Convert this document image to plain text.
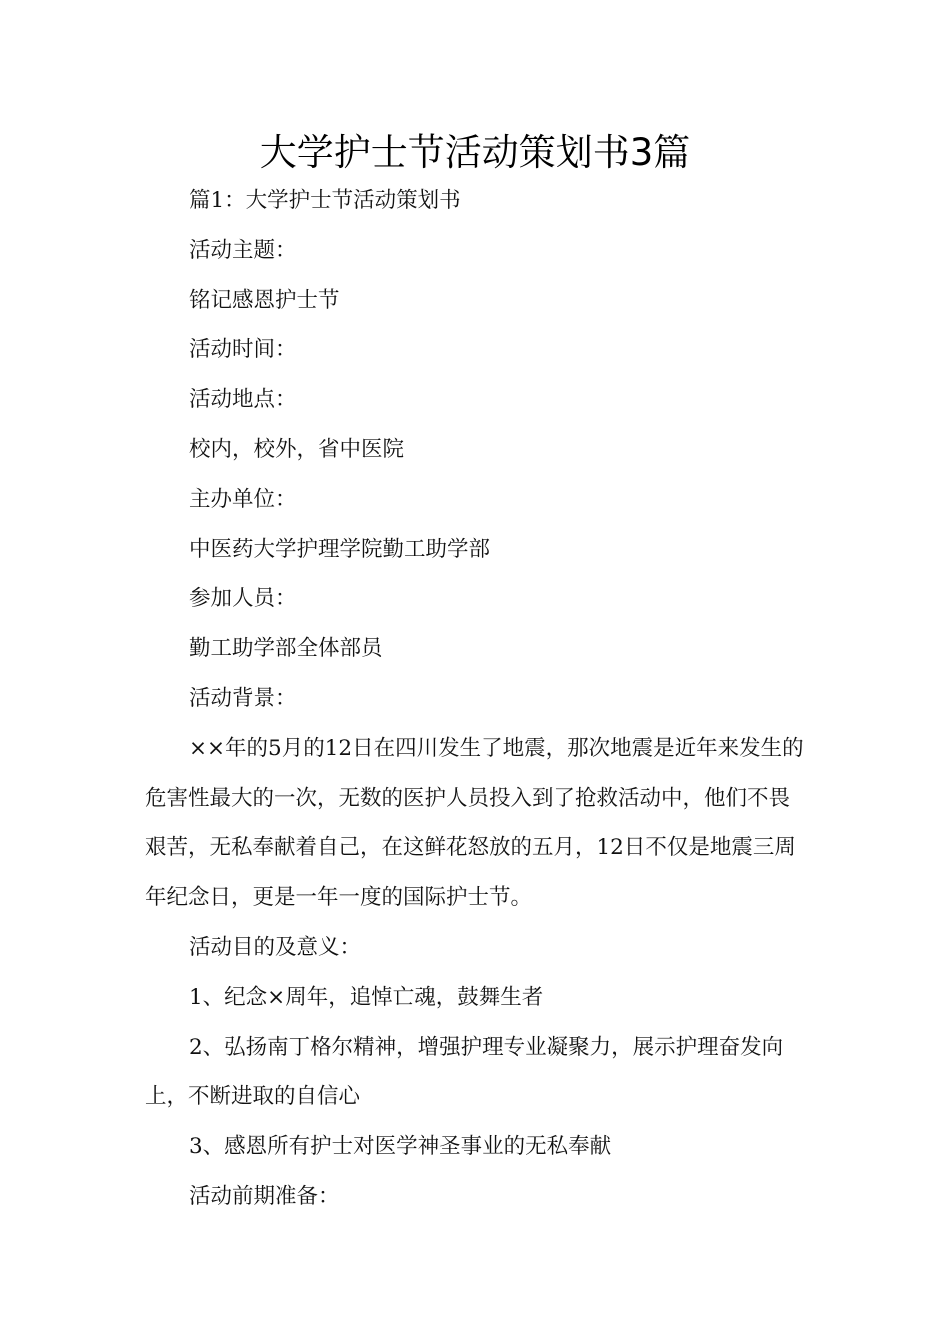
大学护士节活动策划书3篇

篇1：大学护士节活动策划书

活动主题：

铭记感恩护士节

活动时间：

活动地点：

校内，校外，省中医院

主办单位：

中医药大学护理学院勤工助学部

参加人员：

勤工助学部全体部员

活动背景：

××年的5月的12日在四川发生了地震，那次地震是近年来发生的危害性最大的一次，无数的医护人员投入到了抢救活动中，他们不畏艰苦，无私奉献着自己，在这鲜花怒放的五月，12日不仅是地震三周年纪念日，更是一年一度的国际护士节。

活动目的及意义：

1、纪念×周年，追悼亡魂，鼓舞生者

2、弘扬南丁格尔精神，增强护理专业凝聚力，展示护理奋发向上，不断进取的自信心

3、感恩所有护士对医学神圣事业的无私奉献

活动前期准备：
